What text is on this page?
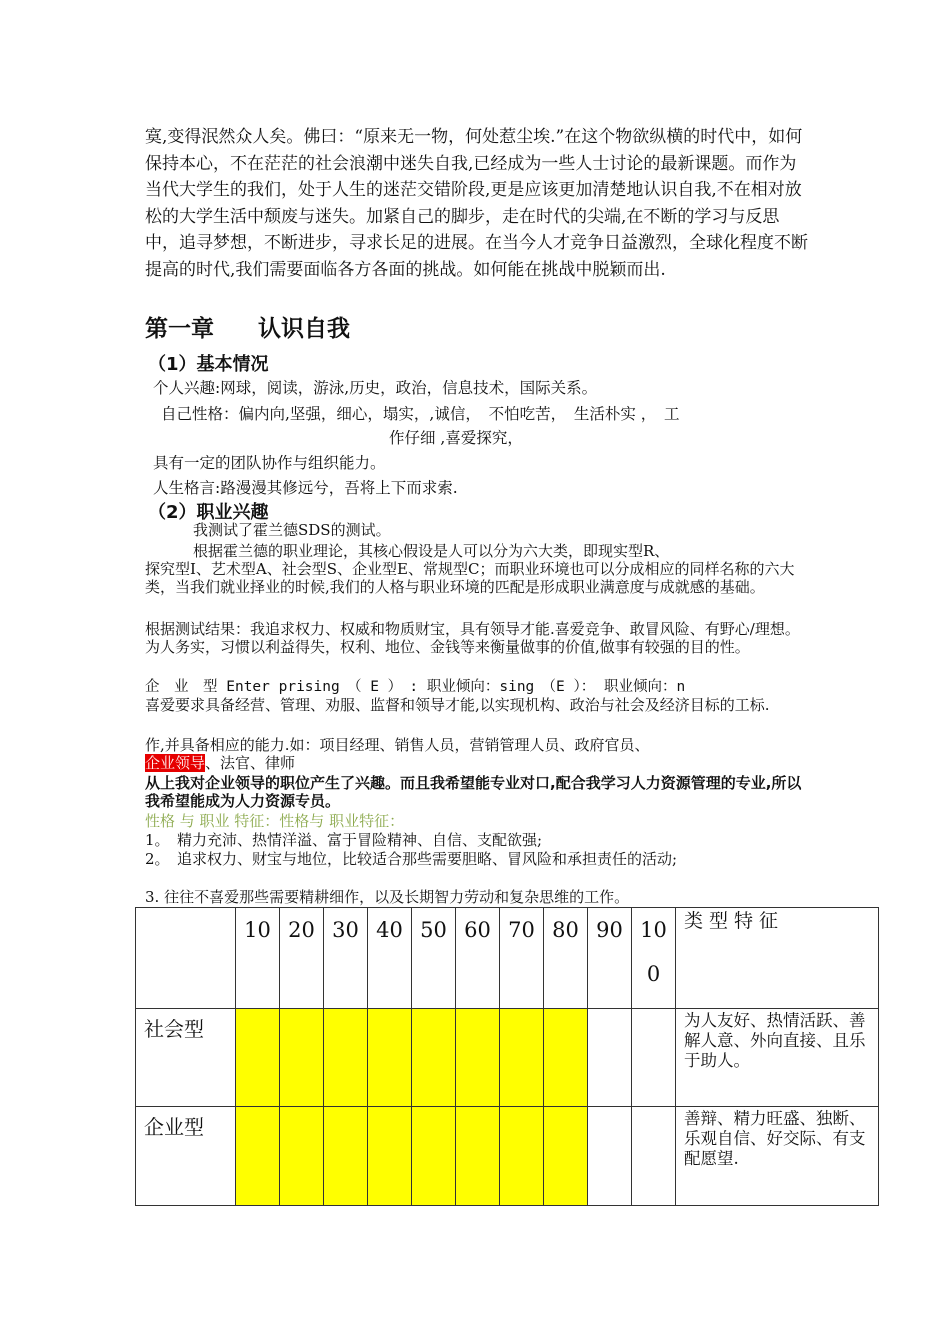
寞,变得泯然众人矣。佛曰：“原来无一物，何处惹尘埃.”在这个物欲纵横的时代中，如何保持本心，不在茫茫的社会浪潮中迷失自我,已经成为一些人士讨论的最新课题。而作为当代大学生的我们，处于人生的迷茫交错阶段,更是应该更加清楚地认识自我,不在相对放松的大学生活中颓废与迷失。加紧自己的脚步，走在时代的尖端,在不断的学习与反思中，追寻梦想，不断进步，寻求长足的进展。在当今人才竞争日益激烈，全球化程度不断提高的时代,我们需要面临各方各面的挑战。如何能在挑战中脱颖而出.
第一章 认识自我
（1）基本情况
个人兴趣:网球，阅读，游泳,历史，政治，信息技术，国际关系。
自己性格：偏内向,坚强，细心，塌实，,诚信，　不怕吃苦，　生活朴实 ，　工
作仔细 ,喜爱探究，
具有一定的团队协作与组织能力。
人生格言:路漫漫其修远兮，吾将上下而求索.
（2）职业兴趣
我测试了霍兰德SDS的测试。
根据霍兰德的职业理论，其核心假设是人可以分为六大类，即现实型R、
探究型I、艺术型A、社会型S、企业型E、常规型C；而职业环境也可以分成相应的同样名称的六大类，当我们就业择业的时候,我们的人格与职业环境的匹配是形成职业满意度与成就感的基础。
根据测试结果：我追求权力、权威和物质财宝，具有领导才能.喜爱竞争、敢冒风险、有野心/理想。为人务实，习惯以利益得失，权利、地位、金钱等来衡量做事的价值,做事有较强的目的性。
企　业　型 Enter prising　（ E ）　: 职业倾向：sing　（E ）： 职业倾向：n
喜爱要求具备经营、管理、劝服、监督和领导才能,以实现机构、政治与社会及经济目标的工标.
作,并具备相应的能力.如：项目经理、销售人员，营销管理人员、政府官员、
企业领导、法官、律师
从上我对企业领导的职位产生了兴趣。而且我希望能专业对口,配合我学习人力资源管理的专业,所以我希望能成为人力资源专员。
性格 与 职业 特征：性格与 职业特征：
1。　精力充沛、热情洋溢、富于冒险精神、自信、支配欲强;
2。　追求权力、财宝与地位，比较适合那些需要胆略、冒风险和承担责任的活动;
3. 往往不喜爱那些需要精耕细作，以及长期智力劳动和复杂思维的工作。
	10	20	30	40	50	60	70	80	90	10
0	类型特征
社会型											为人友好、热情活跃、善解人意、外向直接、且乐于助人。
企业型											善辩、精力旺盛、独断、乐观自信、好交际、有支配愿望.
